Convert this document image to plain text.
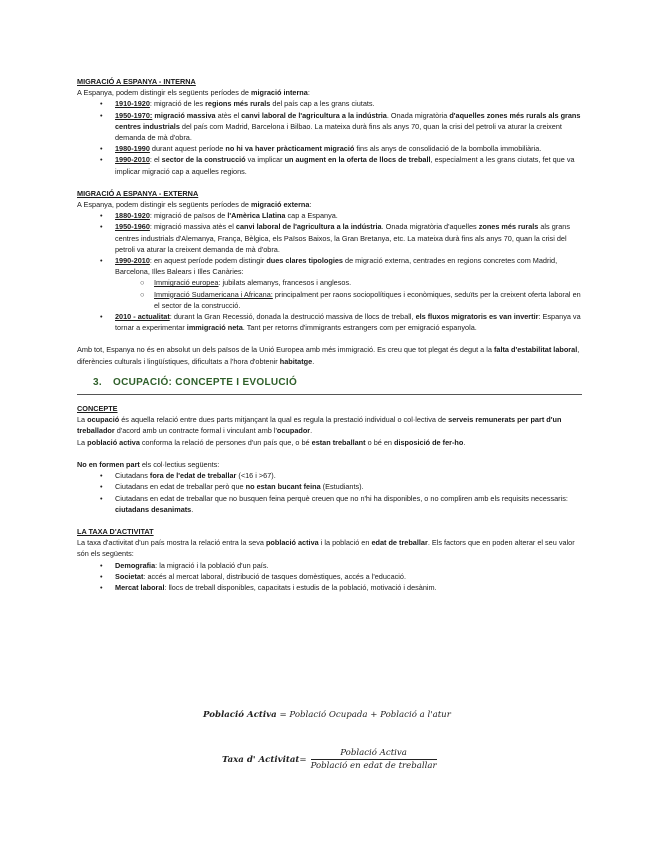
MIGRACIÓ A ESPANYA - INTERNA

A Espanya, podem distingir els següents períodes de migració interna:

• 1910-1920: migració de les regions més rurals del país cap a les grans ciutats.
• 1950-1970: migració massiva atès el canvi laboral de l'agricultura a la indústria. Onada migratòria d'aquelles zones més rurals als grans centres industrials del país com Madrid, Barcelona i Bilbao. La mateixa durà fins als anys 70, quan la crisi del petroli va aturar la creixent demanda de mà d'obra.
• 1980-1990 durant aquest període no hi va haver pràcticament migració fins als anys de consolidació de la bombolla immobiliària.
• 1990-2010: el sector de la construcció va implicar un augment en la oferta de llocs de treball, especialment a les grans ciutats, fet que va implicar migració cap a aquelles regions.

MIGRACIÓ A ESPANYA - EXTERNA

A Espanya, podem distingir els següents períodes de migració externa:

• 1880-1920: migració de països de l'Amèrica Llatina cap a Espanya.
• 1950-1960: migració massiva atès el canvi laboral de l'agricultura a la indústria. Onada migratòria d'aquelles zones més rurals als grans centres industrials d'Alemanya, França, Bèlgica, els Països Baixos, la Gran Bretanya, etc. La mateixa durà fins als anys 70, quan la crisi del petroli va aturar la creixent demanda de mà d'obra.
• 1990-2010: en aquest període podem distingir dues clares tipologies de migració externa, centrades en regions concretes com Madrid, Barcelona, Illes Balears i Illes Canàries:
○ Immigració europea: jubilats alemanys, francesos i anglesos.
○ Immigració Sudamericana i Africana: principalment per raons sociopolítiques i econòmiques, seduïts per la creixent oferta laboral en el sector de la construcció.
• 2010 - actualitat: durant la Gran Recessió, donada la destrucció massiva de llocs de treball, els fluxos migratoris es van invertir: Espanya va tornar a experimentar immigració neta. Tant per retorns d'immigrants estrangers com per emigració espanyola.

Amb tot, Espanya no és en absolut un dels països de la Unió Europea amb més immigració. Es creu que tot plegat és degut a la falta d'estabilitat laboral, diferències culturals i lingüístiques, dificultats a l'hora d'obtenir habitatge.

3. OCUPACIÓ: CONCEPTE I EVOLUCIÓ

CONCEPTE

La ocupació és aquella relació entre dues parts mitjançant la qual es regula la prestació individual o col·lectiva de serveis remunerats per part d'un treballador d'acord amb un contracte formal i vinculant amb l'ocupador.

La població activa conforma la relació de persones d'un país que, o bé estan treballant o bé en disposició de fer-ho.

No en formen part els col·lectius següents:

• Ciutadans fora de l'edat de treballar (<16 i >67).
• Ciutadans en edat de treballar però que no estan bucant feina (Estudiants).
• Ciutadans en edat de treballar que no busquen feina perquè creuen que no n'hi ha disponibles, o no compliren amb els requisits necessaris: ciutadans desanimats.

LA TAXA D'ACTIVITAT

La taxa d'activitat d'un país mostra la relació entra la seva població activa i la població en edat de treballar. Els factors que en poden alterar el seu valor són els següents:

• Demografia: la migració i la població d'un país.
• Societat: accés al mercat laboral, distribució de tasques domèstiques, accés a l'educació.
• Mercat laboral: llocs de treball disponibles, capacitats i estudis de la població, motivació i desànim.
Població Activa = Població Ocupada + Població a l'atur
Taxa d' Activitat= $\frac{\text{Població Activa}}{\text{Població en edat de treballar}}$
